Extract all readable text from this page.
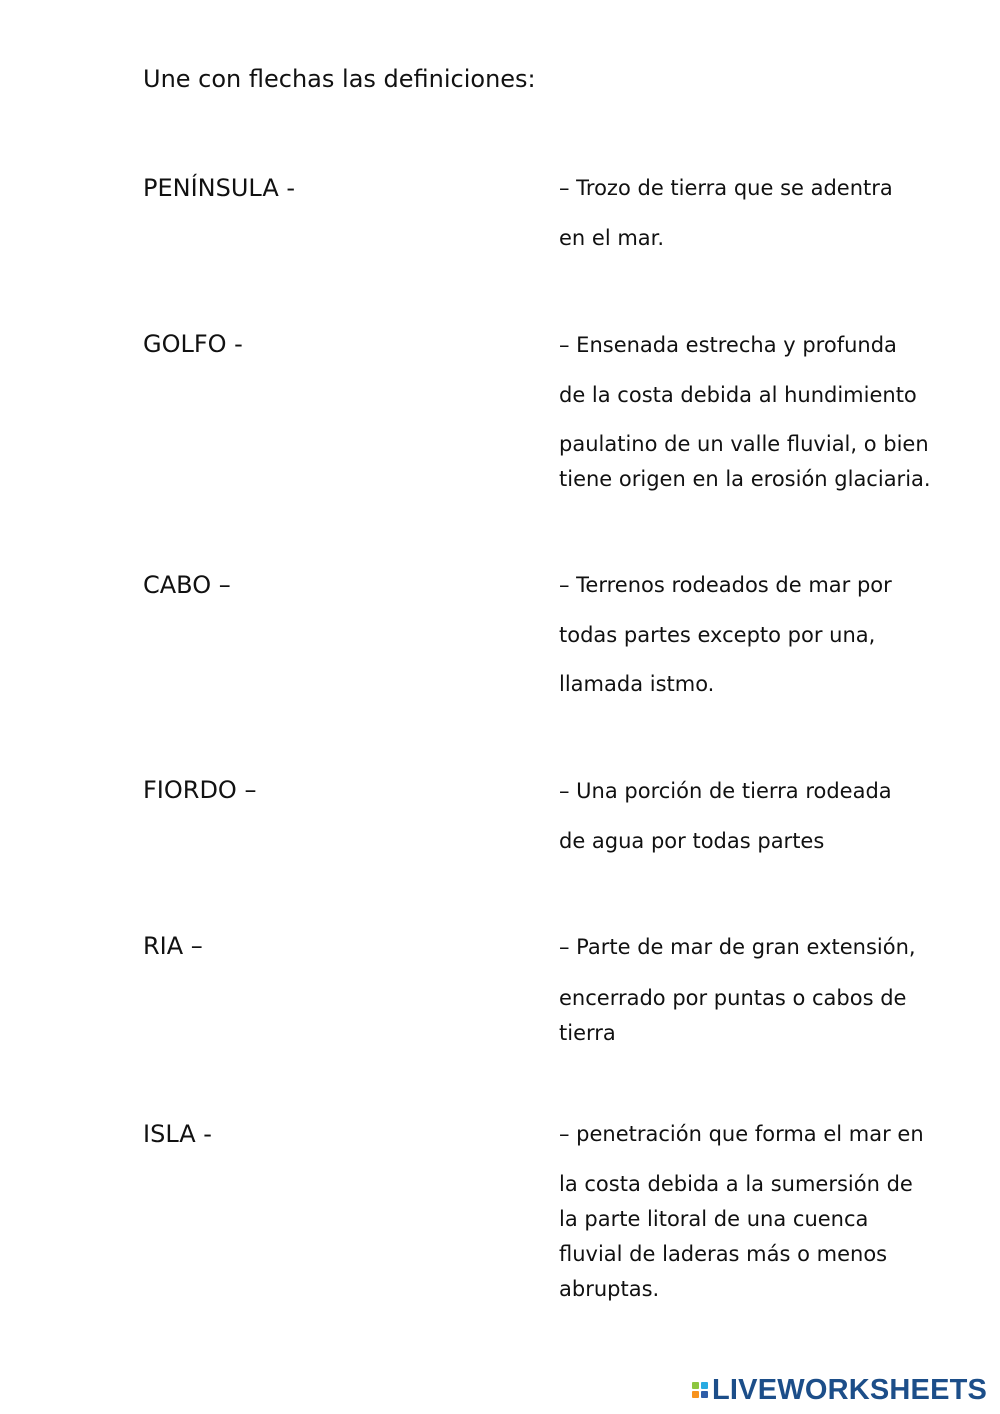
Une con flechas las definiciones:
PENÍNSULA -
GOLFO -
CABO –
FIORDO –
RIA –
ISLA -
– Trozo de tierra que se adentra
en el mar.
– Ensenada estrecha y profunda
de la costa debida al hundimiento
paulatino de un valle fluvial, o bien
tiene origen en la erosión glaciaria.
– Terrenos rodeados de mar por
todas partes excepto por una,
llamada istmo.
– Una porción de tierra rodeada
de agua por todas partes
– Parte de mar de gran extensión,
encerrado por puntas o cabos de
tierra
– penetración que forma el mar en
la costa debida a la sumersión de
la parte litoral de una cuenca
fluvial de laderas más o menos
abruptas.
LIVEWORKSHEETS
